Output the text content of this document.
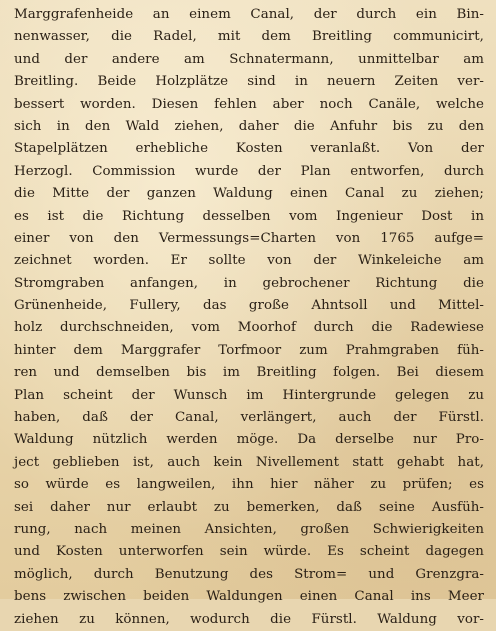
Marggrafenheide an einem Canal, der durch ein Bin-
nenwasser, die Radel, mit dem Breitling communicirt,
und der andere am Schnatermann, unmittelbar am
Breitling. Beide Holzplätze sind in neuern Zeiten ver-
bessert worden. Diesen fehlen aber noch Canäle, welche
sich in den Wald ziehen, daher die Anfuhr bis zu den
Stapelplätzen erhebliche Kosten veranlaßt. Von der
Herzogl. Commission wurde der Plan entworfen, durch
die Mitte der ganzen Waldung einen Canal zu ziehen;
es ist die Richtung desselben vom Ingenieur Dost in
einer von den Vermessungs=Charten von 1765 aufge=
zeichnet worden. Er sollte von der Winkeleiche am
Stromgraben anfangen, in gebrochener Richtung die
Grünenheide, Fullery, das große Ahntsoll und Mittel-
holz durchschneiden, vom Moorhof durch die Radewiese
hinter dem Marggrafer Torfmoor zum Prahmgraben füh-
ren und demselben bis im Breitling folgen. Bei diesem
Plan scheint der Wunsch im Hintergrunde gelegen zu
haben, daß der Canal, verlängert, auch der Fürstl.
Waldung nützlich werden möge. Da derselbe nur Pro-
ject geblieben ist, auch kein Nivellement statt gehabt hat,
so würde es langweilen, ihn hier näher zu prüfen; es
sei daher nur erlaubt zu bemerken, daß seine Ausfüh-
rung, nach meinen Ansichten, großen Schwierigkeiten
und Kosten unterworfen sein würde. Es scheint dagegen
möglich, durch Benutzung des Strom= und Grenzgra-
bens zwischen beiden Waldungen einen Canal ins Meer
ziehen zu können, wodurch die Fürstl. Waldung vor-
